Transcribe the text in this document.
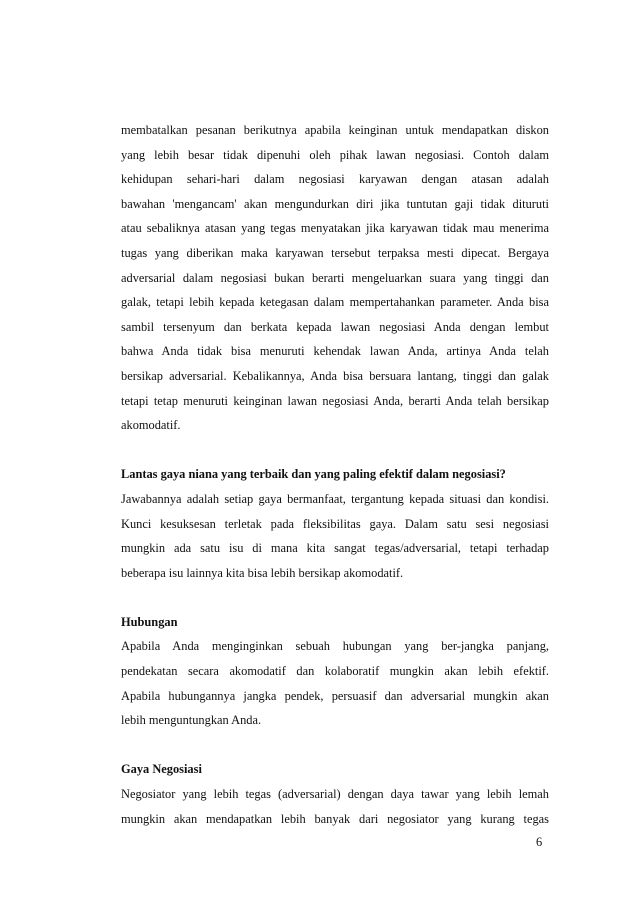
membatalkan pesanan berikutnya apabila keinginan untuk mendapatkan diskon
yang lebih besar tidak dipenuhi oleh pihak lawan negosiasi. Contoh dalam
kehidupan sehari-hari dalam negosiasi karyawan dengan atasan adalah
bawahan 'mengancam' akan mengundurkan diri jika tuntutan gaji tidak dituruti
atau sebaliknya atasan yang tegas menyatakan jika karyawan tidak mau menerima
tugas yang diberikan maka karyawan tersebut terpaksa mesti dipecat. Bergaya
adversarial dalam negosiasi bukan berarti mengeluarkan suara yang tinggi dan
galak, tetapi lebih kepada ketegasan dalam mempertahankan parameter. Anda bisa
sambil tersenyum dan berkata kepada lawan negosiasi Anda dengan lembut
bahwa Anda tidak bisa menuruti kehendak lawan Anda, artinya Anda telah
bersikap adversarial. Kebalikannya, Anda bisa bersuara lantang, tinggi dan galak
tetapi tetap menuruti keinginan lawan negosiasi Anda, berarti Anda telah bersikap
akomodatif.
Lantas gaya niana yang terbaik dan yang paling efektif dalam negosiasi?
Jawabannya adalah setiap gaya bermanfaat, tergantung kepada situasi dan kondisi.
Kunci kesuksesan terletak pada fleksibilitas gaya. Dalam satu sesi negosiasi
mungkin ada satu isu di mana kita sangat tegas/adversarial, tetapi terhadap
beberapa isu lainnya kita bisa lebih bersikap akomodatif.
Hubungan
Apabila Anda menginginkan sebuah hubungan yang ber-jangka panjang,
pendekatan secara akomodatif dan kolaboratif mungkin akan lebih efektif.
Apabila hubungannya jangka pendek, persuasif dan adversarial mungkin akan
lebih menguntungkan Anda.
Gaya Negosiasi
Negosiator yang lebih tegas (adversarial) dengan daya tawar yang lebih lemah
mungkin akan mendapatkan lebih banyak dari negosiator yang kurang tegas
6
